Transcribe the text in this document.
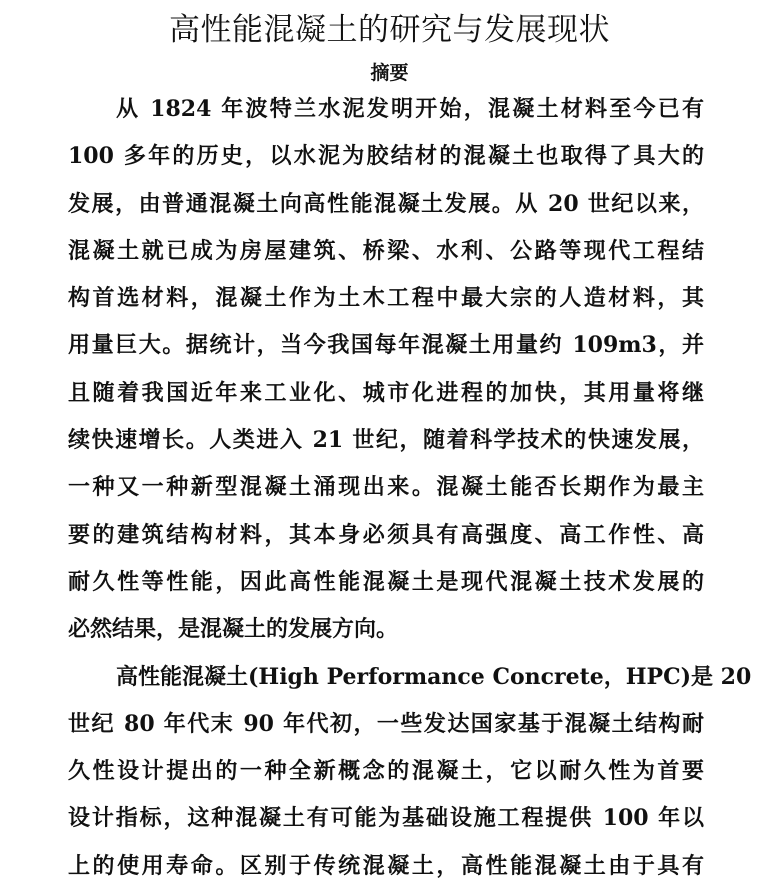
高性能混凝土的研究与发展现状
摘要
从 1824 年波特兰水泥发明开始，混凝土材料至今已有
100 多年的历史，以水泥为胶结材的混凝土也取得了具大的
发展，由普通混凝土向高性能混凝土发展。从 20 世纪以来，
混凝土就已成为房屋建筑、桥梁、水利、公路等现代工程结
构首选材料，混凝土作为土木工程中最大宗的人造材料，其
用量巨大。据统计，当今我国每年混凝土用量约 109m3，并
且随着我国近年来工业化、城市化进程的加快，其用量将继
续快速增长。人类进入 21 世纪，随着科学技术的快速发展，
一种又一种新型混凝土涌现出来。混凝土能否长期作为最主
要的建筑结构材料，其本身必须具有高强度、高工作性、高
耐久性等性能，因此高性能混凝土是现代混凝土技术发展的
必然结果，是混凝土的发展方向。
高性能混凝土(High Performance Concrete，HPC)是 20
世纪 80 年代末 90 年代初，一些发达国家基于混凝土结构耐
久性设计提出的一种全新概念的混凝土，它以耐久性为首要
设计指标，这种混凝土有可能为基础设施工程提供 100 年以
上的使用寿命。区别于传统混凝土，高性能混凝土由于具有
